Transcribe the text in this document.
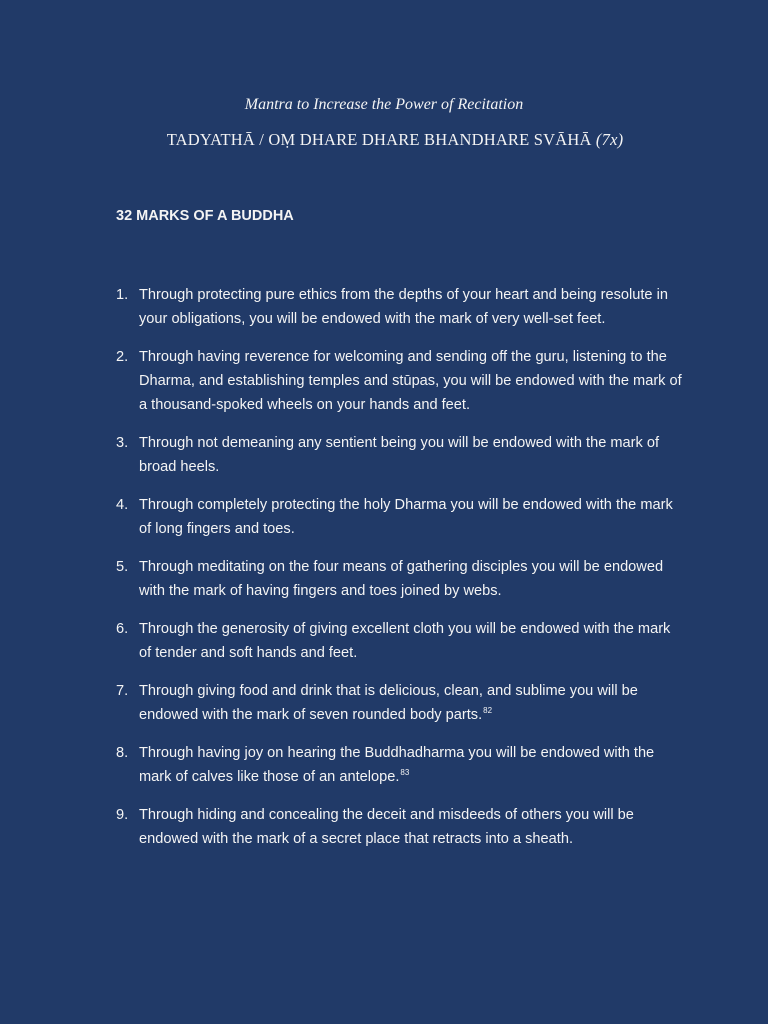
Mantra to Increase the Power of Recitation
TADYATHĀ / OṂ DHARE DHARE BHANDHARE SVĀHĀ (7x)
32 MARKS OF A BUDDHA
1. Through protecting pure ethics from the depths of your heart and being resolute in your obligations, you will be endowed with the mark of very well-set feet.
2. Through having reverence for welcoming and sending off the guru, listening to the Dharma, and establishing temples and stūpas, you will be endowed with the mark of a thousand-spoked wheels on your hands and feet.
3. Through not demeaning any sentient being you will be endowed with the mark of broad heels.
4. Through completely protecting the holy Dharma you will be endowed with the mark of long fingers and toes.
5. Through meditating on the four means of gathering disciples you will be endowed with the mark of having fingers and toes joined by webs.
6. Through the generosity of giving excellent cloth you will be endowed with the mark of tender and soft hands and feet.
7. Through giving food and drink that is delicious, clean, and sublime you will be endowed with the mark of seven rounded body parts.$^{82}$
8. Through having joy on hearing the Buddhadharma you will be endowed with the mark of calves like those of an antelope.$^{83}$
9. Through hiding and concealing the deceit and misdeeds of others you will be endowed with the mark of a secret place that retracts into a sheath.
